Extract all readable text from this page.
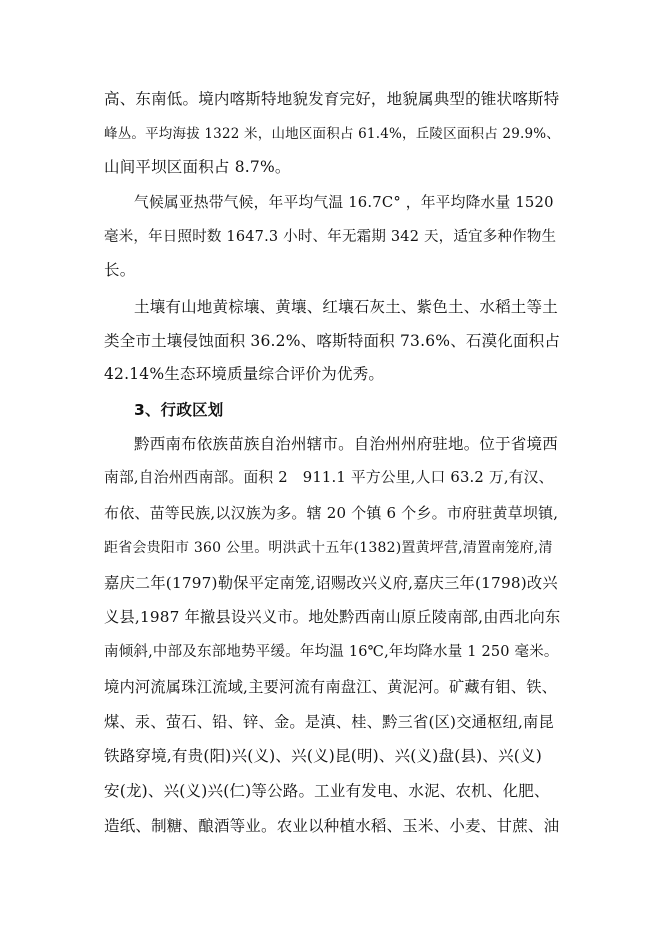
高、东南低。境内喀斯特地貌发育完好，地貌属典型的锥状喀斯特
峰丛。平均海拔 1322 米，山地区面积占 61.4%，丘陵区面积占 29.9%、
山间平坝区面积占 8.7%。
气候属亚热带气候，年平均气温 16.7C° ，年平均降水量 1520
毫米，年日照时数 1647.3 小时、年无霜期 342 天，适宜多种作物生
长。
土壤有山地黄棕壤、黄壤、红壤石灰土、紫色土、水稻土等土
类全市土壤侵蚀面积 36.2%、喀斯特面积 73.6%、石漠化面积占
42.14%生态环境质量综合评价为优秀。
3、行政区划
黔西南布依族苗族自治州辖市。自治州州府驻地。位于省境西
南部,自治州西南部。面积 2　911.1 平方公里,人口 63.2 万,有汉、
布依、苗等民族,以汉族为多。辖 20 个镇 6 个乡。市府驻黄草坝镇,
距省会贵阳市 360 公里。明洪武十五年(1382)置黄坪营,清置南笼府,清
嘉庆二年(1797)勒保平定南笼,诏赐改兴义府,嘉庆三年(1798)改兴
义县,1987 年撤县设兴义市。地处黔西南山原丘陵南部,由西北向东
南倾斜,中部及东部地势平缓。年均温 16℃,年均降水量 1 250 毫米。
境内河流属珠江流域,主要河流有南盘江、黄泥河。矿藏有钼、铁、
煤、汞、萤石、铅、锌、金。是滇、桂、黔三省(区)交通枢纽,南昆
铁路穿境,有贵(阳)兴(义)、兴(义)昆(明)、兴(义)盘(县)、兴(义)
安(龙)、兴(义)兴(仁)等公路。工业有发电、水泥、农机、化肥、
造纸、制糖、酿酒等业。农业以种植水稻、玉米、小麦、甘蔗、油
